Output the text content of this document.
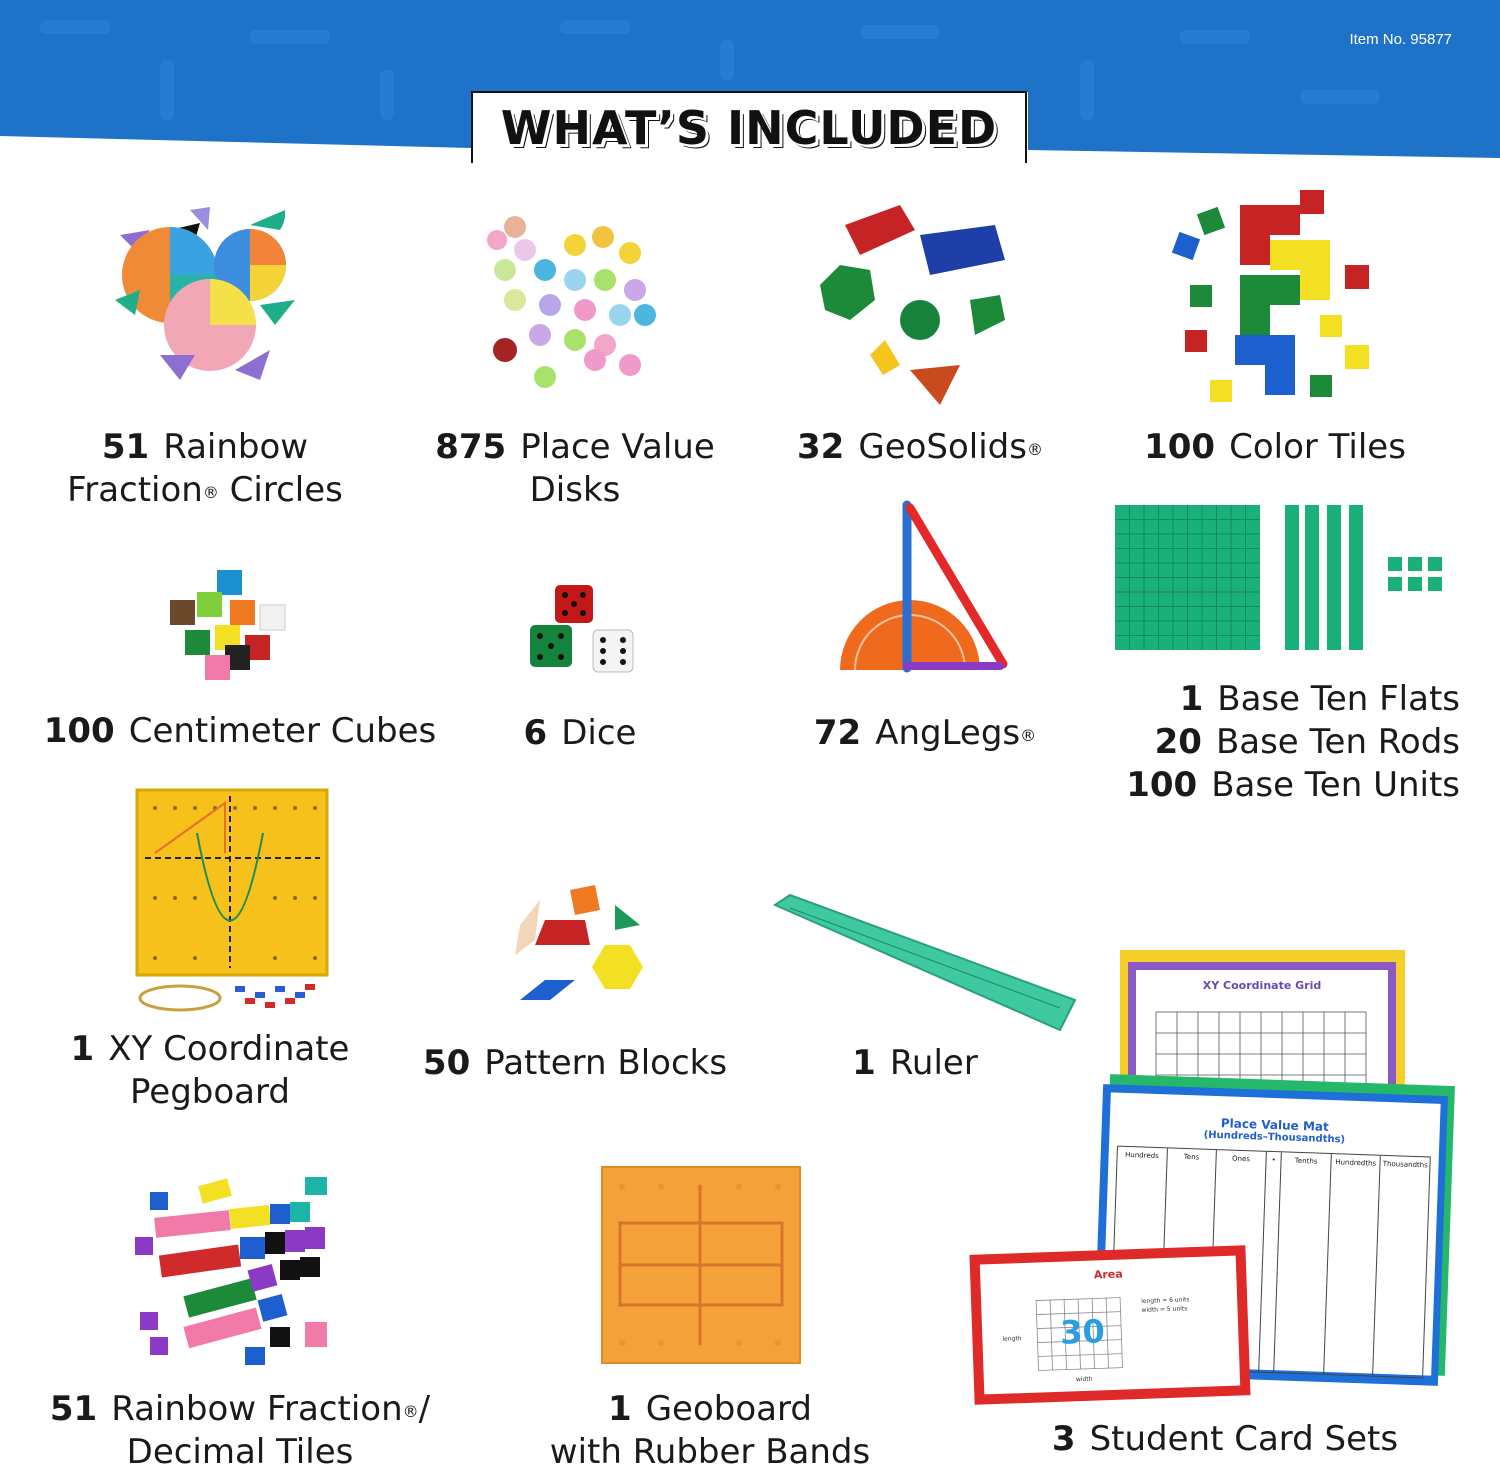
Item No. 95877
WHAT’S INCLUDED
51 Rainbow
Fraction® Circles
875 Place Value
Disks
32 GeoSolids®	100 Color Tiles
100 Centimeter Cubes	6 Dice	72 AngLegs®
1 Base Ten Flats
20 Base Ten Rods
100 Base Ten Units
XY Coordinate Grid
Place Value Mat
(Hundreds–Thousandths)
Hundreds	Tens	Ones	•	Tenths	Hundredths Thousandths
Area
30
length
width
length = 6 units
width = 5 units
1 XY Coordinate
Pegboard
50 Pattern Blocks	1 Ruler
51 Rainbow Fraction®/
Decimal Tiles
1 Geoboard
with Rubber Bands	3 Student Card Sets
